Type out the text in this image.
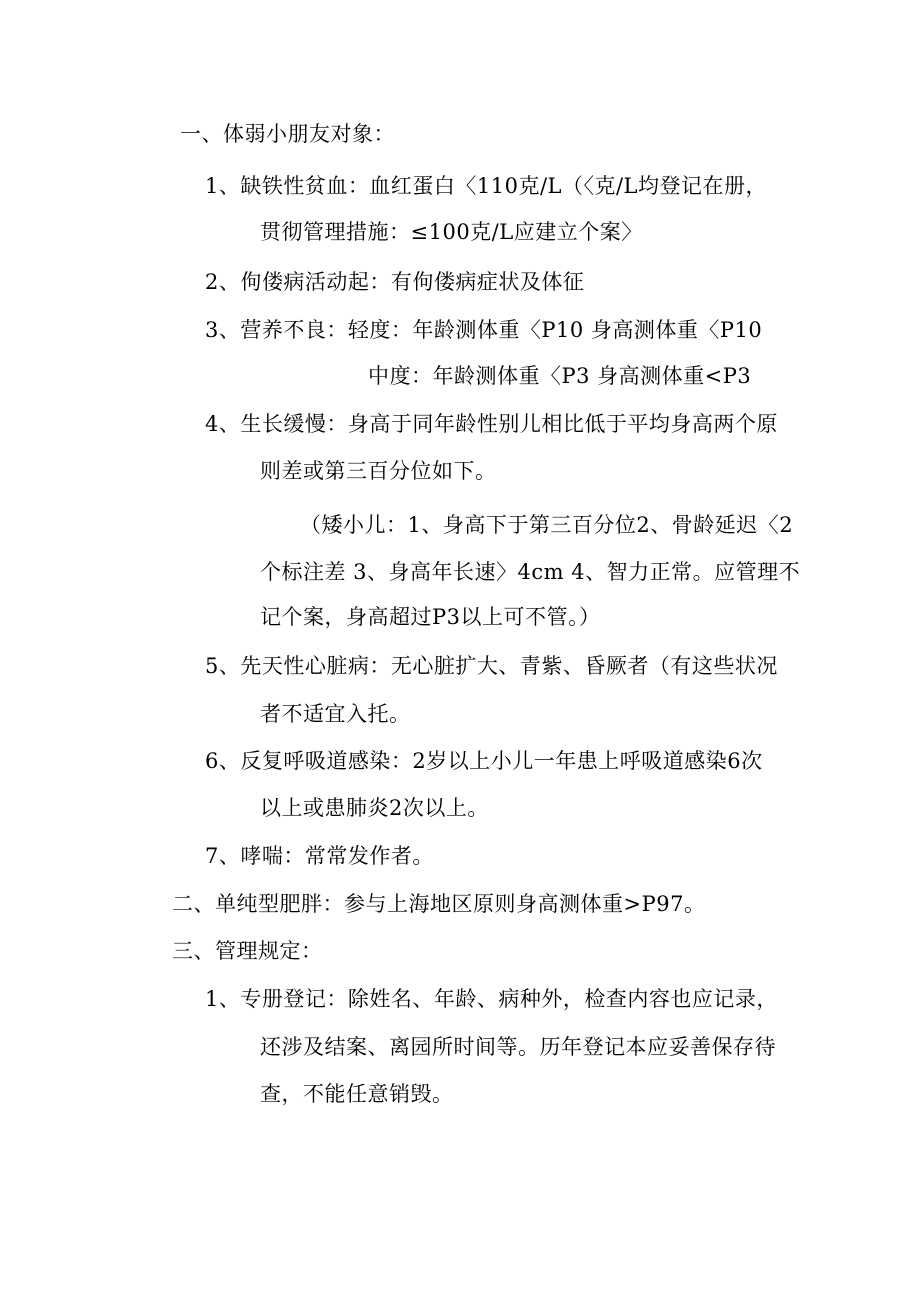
一、体弱小朋友对象：
1、缺铁性贫血：血红蛋白〈110克/L（〈克/L均登记在册，
贯彻管理措施：≤100克/L应建立个案〉
2、佝偻病活动起：有佝偻病症状及体征
3、营养不良：轻度：年龄测体重〈P10 身高测体重〈P10
中度：年龄测体重〈P3 身高测体重<P3
4、生长缓慢：身高于同年龄性别儿相比低于平均身高两个原
则差或第三百分位如下。
（矮小儿：1、身高下于第三百分位2、骨龄延迟〈2
个标注差 3、身高年长速〉4cm 4、智力正常。应管理不
记个案，身高超过P3以上可不管。）
5、先天性心脏病：无心脏扩大、青紫、昏厥者（有这些状况
者不适宜入托。
6、反复呼吸道感染：2岁以上小儿一年患上呼吸道感染6次
以上或患肺炎2次以上。
7、哮喘：常常发作者。
二、单纯型肥胖：参与上海地区原则身高测体重>P97。
三、管理规定：
1、专册登记：除姓名、年龄、病种外，检查内容也应记录，
还涉及结案、离园所时间等。历年登记本应妥善保存待
查，不能任意销毁。
